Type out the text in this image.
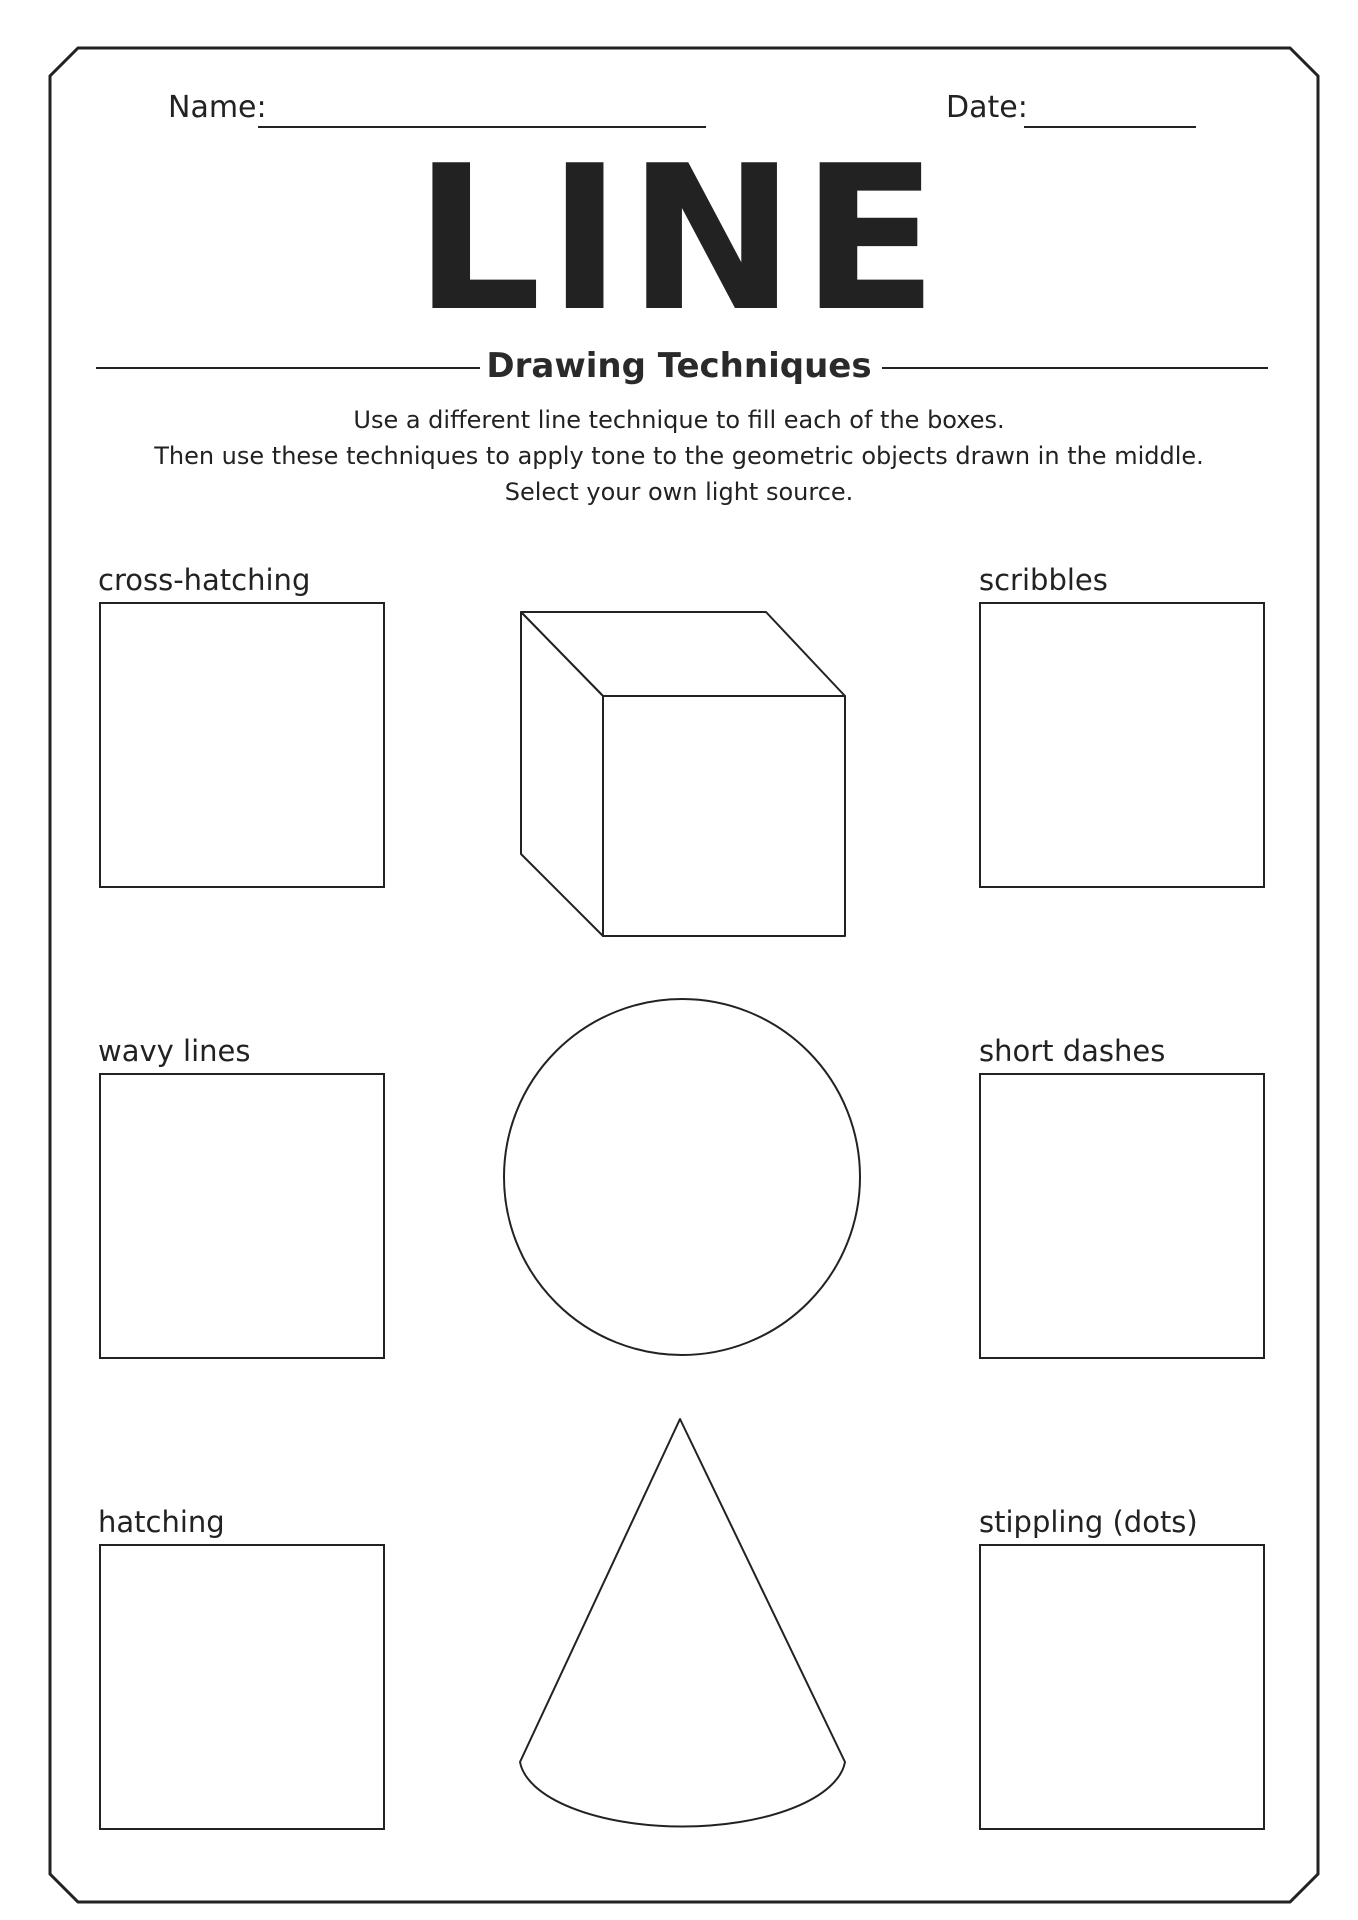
Name:	Date:
LINE
Drawing Techniques
Use a different line technique to fill each of the boxes.
Then use these techniques to apply tone to the geometric objects drawn in the middle.
Select your own light source.
cross-hatching
wavy lines
hatching
scribbles
short dashes
stippling (dots)
